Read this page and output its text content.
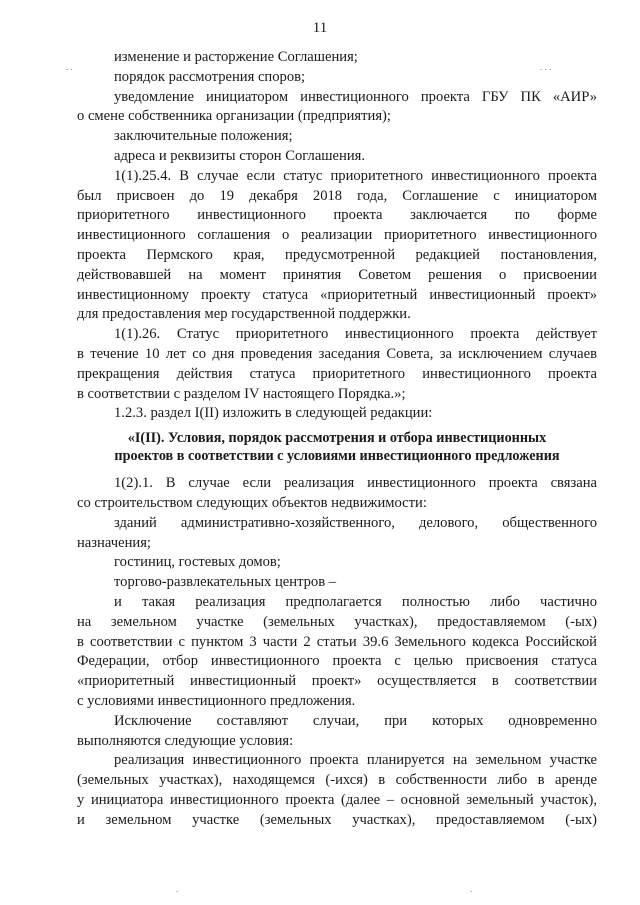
11
. .	. . .
.	.
изменение и расторжение Соглашения;
порядок рассмотрения споров;
уведомление инициатором инвестиционного проекта ГБУ ПК «АИР»
о смене собственника организации (предприятия);
заключительные положения;
адреса и реквизиты сторон Соглашения.
1(1).25.4. В случае если статус приоритетного инвестиционного проекта
был присвоен до 19 декабря 2018 года, Соглашение с инициатором
приоритетного инвестиционного проекта заключается по форме
инвестиционного соглашения о реализации приоритетного инвестиционного
проекта Пермского края, предусмотренной редакцией постановления,
действовавшей на момент принятия Советом решения о присвоении
инвестиционному проекту статуса «приоритетный инвестиционный проект»
для предоставления мер государственной поддержки.
1(1).26. Статус приоритетного инвестиционного проекта действует
в течение 10 лет со дня проведения заседания Совета, за исключением случаев
прекращения действия статуса приоритетного инвестиционного проекта
в соответствии с разделом IV настоящего Порядка.»;
1.2.3. раздел I(II) изложить в следующей редакции:
«I(II). Условия, порядок рассмотрения и отбора инвестиционных
проектов в соответствии с условиями инвестиционного предложения
1(2).1. В случае если реализация инвестиционного проекта связана
со строительством следующих объектов недвижимости:
зданий административно-хозяйственного, делового, общественного
назначения;
гостиниц, гостевых домов;
торгово-развлекательных центров –
и такая реализация предполагается полностью либо частично
на земельном участке (земельных участках), предоставляемом (-ых)
в соответствии с пунктом 3 части 2 статьи 39.6 Земельного кодекса Российской
Федерации, отбор инвестиционного проекта с целью присвоения статуса
«приоритетный инвестиционный проект» осуществляется в соответствии
с условиями инвестиционного предложения.
Исключение составляют случаи, при которых одновременно
выполняются следующие условия:
реализация инвестиционного проекта планируется на земельном участке
(земельных участках), находящемся (-ихся) в собственности либо в аренде
у инициатора инвестиционного проекта (далее – основной земельный участок),
и земельном участке (земельных участках), предоставляемом (-ых)
